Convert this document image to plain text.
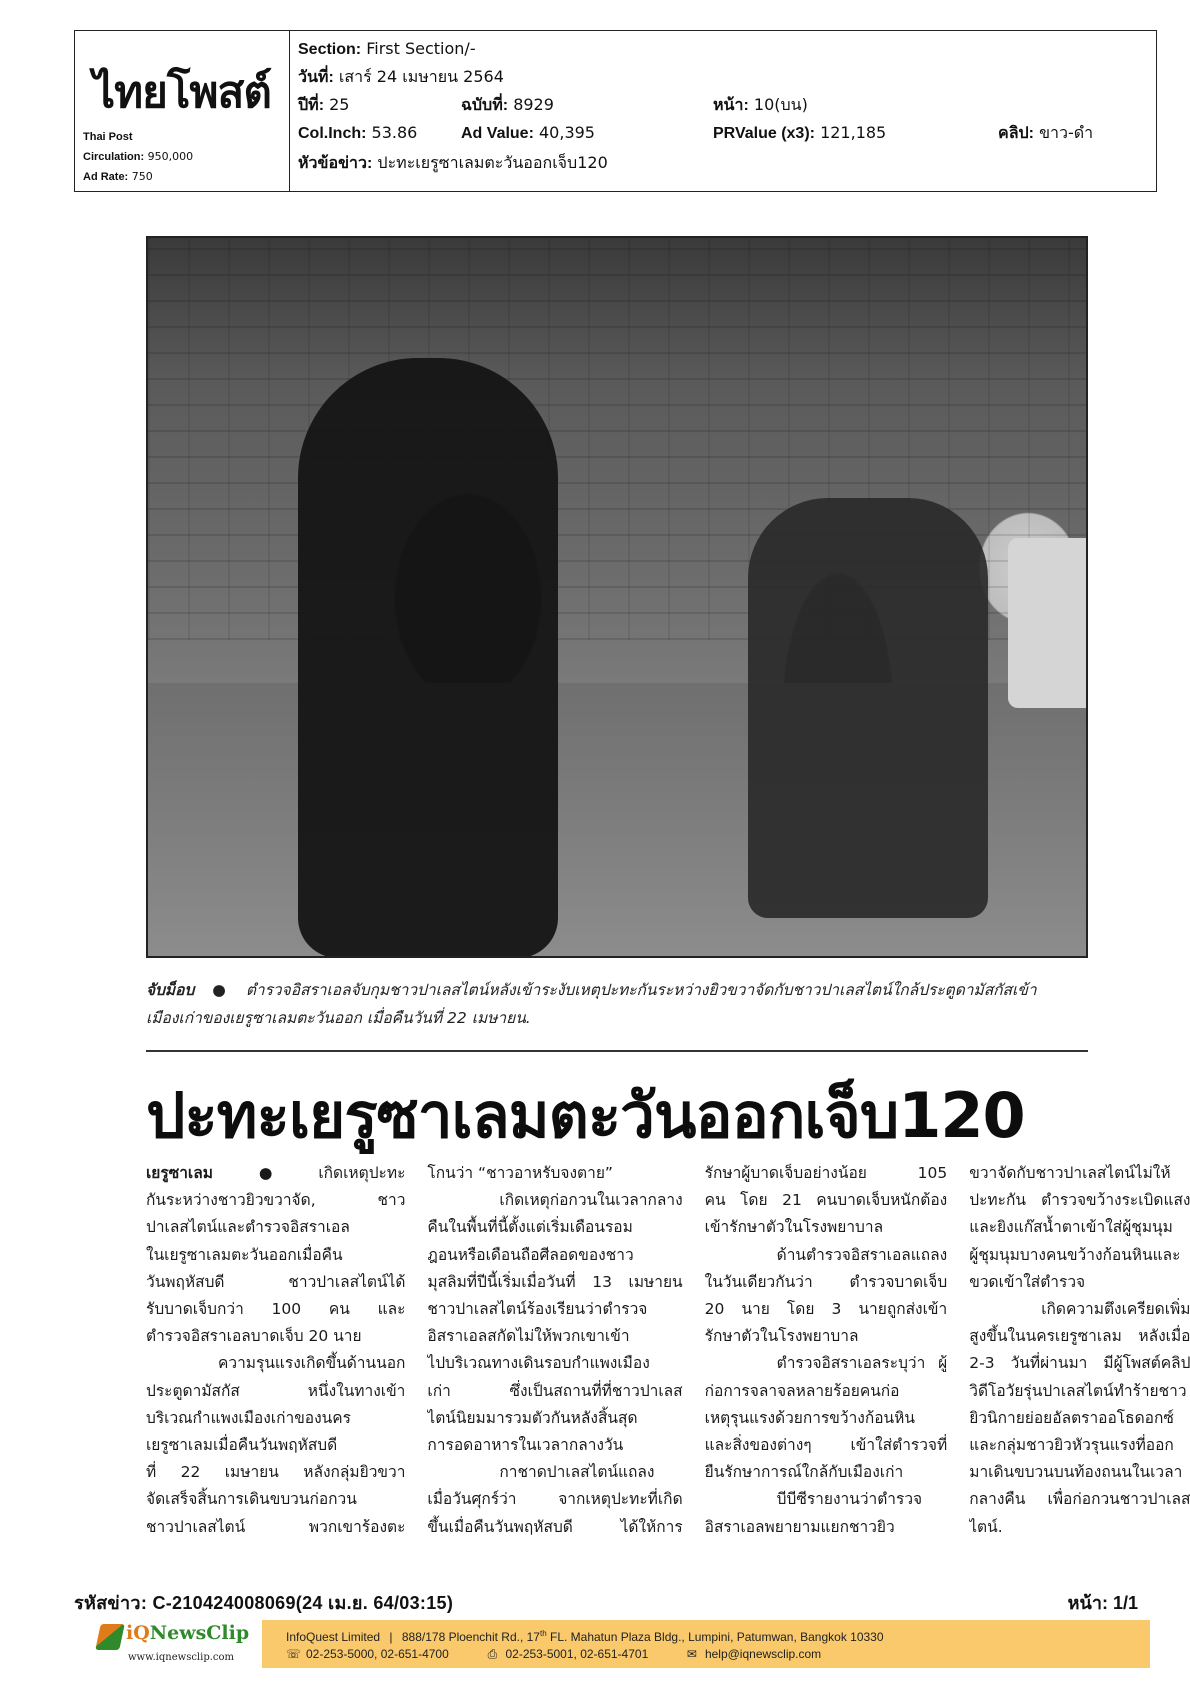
ไทยโพสต์
Thai Post
Circulation: 950,000
Ad Rate: 750
Section: First Section/-
วันที่: เสาร์ 24 เมษายน 2564
ปีที่: 25	ฉบับที่: 8929	หน้า: 10(บน)
Col.Inch: 53.86	Ad Value: 40,395	PRValue (x3): 121,185	คลิป: ขาว-ดำ
หัวข้อข่าว: ปะทะเยรูซาเลมตะวันออกเจ็บ120
จับม็อบ ● ตำรวจอิสราเอลจับกุมชาวปาเลสไตน์หลังเข้าระงับเหตุปะทะกันระหว่างยิวขวาจัดกับชาวปาเลสไตน์ใกล้ประตูดามัสกัสเข้า
เมืองเก่าของเยรูซาเลมตะวันออก เมื่อคืนวันที่ 22 เมษายน.
ปะทะเยรูซาเลมตะวันออกเจ็บ120

เยรูซาเลม ● เกิดเหตุปะทะ

กันระหว่างชาวยิวขวาจัด, ชาว

ปาเลสไตน์และตำรวจอิสราเอล

ในเยรูซาเลมตะวันออกเมื่อคืน

วันพฤหัสบดี ชาวปาเลสไตน์ได้

รับบาดเจ็บกว่า 100 คน และ

ตำรวจอิสราเอลบาดเจ็บ 20 นาย

ความรุนแรงเกิดขึ้นด้านนอก

ประตูดามัสกัส หนึ่งในทางเข้า

บริเวณกำแพงเมืองเก่าของนคร

เยรูซาเลมเมื่อคืนวันพฤหัสบดี

ที่ 22 เมษายน หลังกลุ่มยิวขวา

จัดเสร็จสิ้นการเดินขบวนก่อกวน

ชาวปาเลสไตน์ พวกเขาร้องตะ

โกนว่า “ชาวอาหรับจงตาย”

เกิดเหตุก่อกวนในเวลากลาง

คืนในพื้นที่นี้ตั้งแต่เริ่มเดือนรอม

ฎอนหรือเดือนถือศีลอดของชาว

มุสลิมที่ปีนี้เริ่มเมื่อวันที่ 13 เมษายน

ชาวปาเลสไตน์ร้องเรียนว่าตำรวจ

อิสราเอลสกัดไม่ให้พวกเขาเข้า

ไปบริเวณทางเดินรอบกำแพงเมือง

เก่า ซึ่งเป็นสถานที่ที่ชาวปาเลส

ไตน์นิยมมารวมตัวกันหลังสิ้นสุด

การอดอาหารในเวลากลางวัน

กาชาดปาเลสไตน์แถลง

เมื่อวันศุกร์ว่า จากเหตุปะทะที่เกิด

ขึ้นเมื่อคืนวันพฤหัสบดี ได้ให้การ

รักษาผู้บาดเจ็บอย่างน้อย 105

คน โดย 21 คนบาดเจ็บหนักต้อง

เข้ารักษาตัวในโรงพยาบาล

ด้านตำรวจอิสราเอลแถลง

ในวันเดียวกันว่า ตำรวจบาดเจ็บ

20 นาย โดย 3 นายถูกส่งเข้า

รักษาตัวในโรงพยาบาล

ตำรวจอิสราเอลระบุว่า ผู้

ก่อการจลาจลหลายร้อยคนก่อ

เหตุรุนแรงด้วยการขว้างก้อนหิน

และสิ่งของต่างๆ เข้าใส่ตำรวจที่

ยืนรักษาการณ์ใกล้กับเมืองเก่า

บีบีซีรายงานว่าตำรวจ

อิสราเอลพยายามแยกชาวยิว

ขวาจัดกับชาวปาเลสไตน์ไม่ให้

ปะทะกัน ตำรวจขว้างระเบิดแสง

และยิงแก๊สน้ำตาเข้าใส่ผู้ชุมนุม

ผู้ชุมนุมบางคนขว้างก้อนหินและ

ขวดเข้าใส่ตำรวจ

เกิดความตึงเครียดเพิ่ม

สูงขึ้นในนครเยรูซาเลม หลังเมื่อ

2-3 วันที่ผ่านมา มีผู้โพสต์คลิป

วิดีโอวัยรุ่นปาเลสไตน์ทำร้ายชาว

ยิวนิกายย่อยอัลตราออโธดอกซ์

และกลุ่มชาวยิวหัวรุนแรงที่ออก

มาเดินขบวนบนท้องถนนในเวลา

กลางคืน เพื่อก่อกวนชาวปาเลส

ไตน์.

รหัสข่าว: C-210424008069(24 เม.ย. 64/03:15)	หน้า: 1/1
iQNewsClip
www.iqnewsclip.com
InfoQuest Limited | 888/178 Ploenchit Rd., 17th FL. Mahatun Plaza Bldg., Lumpini, Patumwan, Bangkok 10330
☏ 02-253-5000, 02-651-4700	⎙ 02-253-5001, 02-651-4701	✉ help@iqnewsclip.com
